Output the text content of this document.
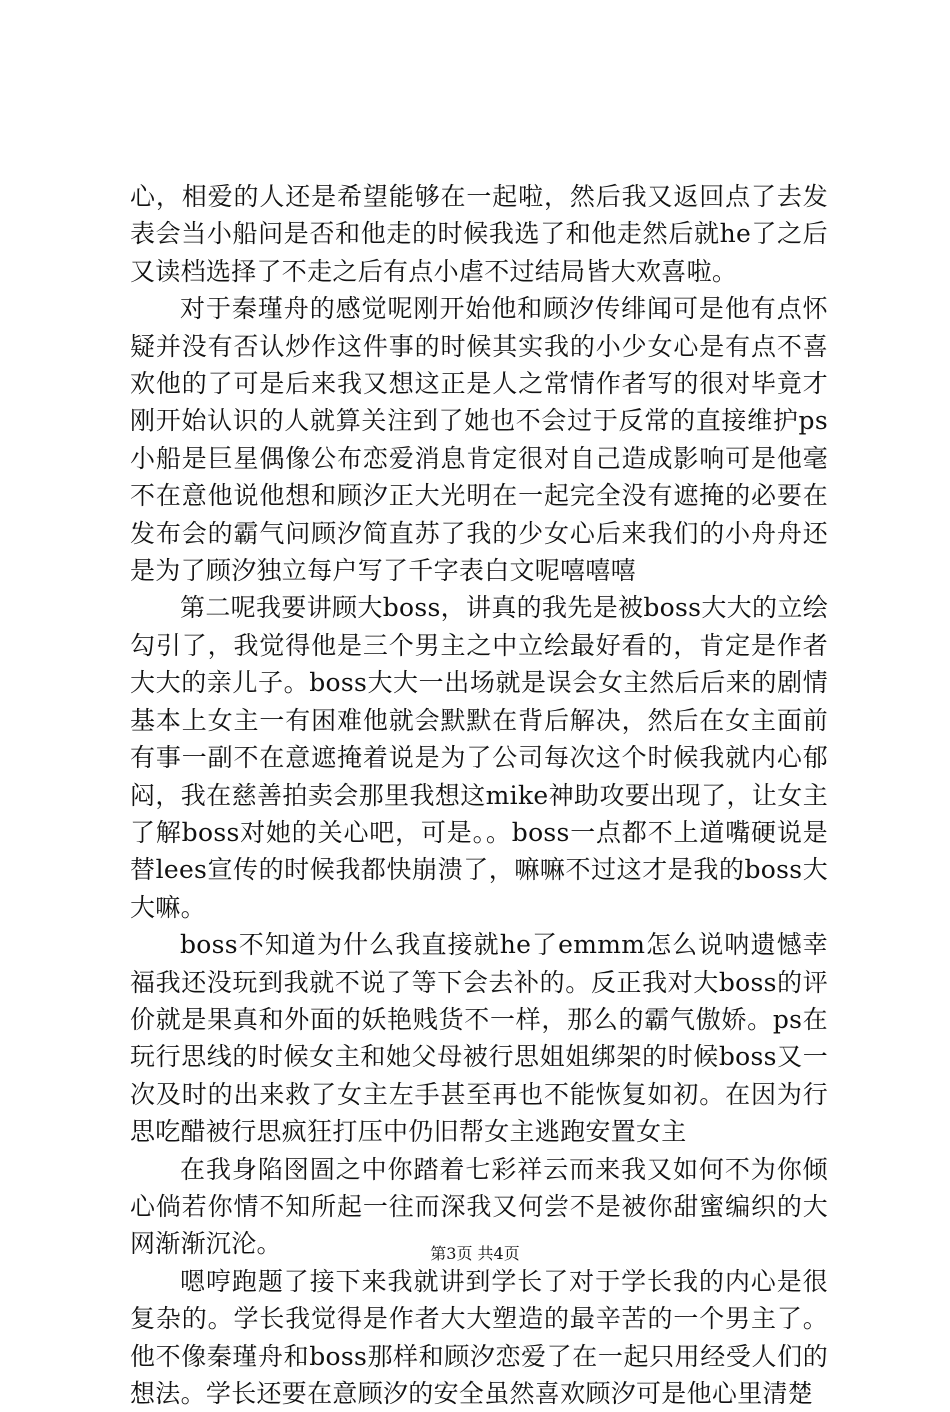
心，相爱的人还是希望能够在一起啦，然后我又返回点了去发表会当小船问是否和他走的时候我选了和他走然后就he了之后又读档选择了不走之后有点小虐不过结局皆大欢喜啦。

对于秦瑾舟的感觉呢刚开始他和顾汐传绯闻可是他有点怀疑并没有否认炒作这件事的时候其实我的小少女心是有点不喜欢他的了可是后来我又想这正是人之常情作者写的很对毕竟才刚开始认识的人就算关注到了她也不会过于反常的直接维护ps小船是巨星偶像公布恋爱消息肯定很对自己造成影响可是他毫不在意他说他想和顾汐正大光明在一起完全没有遮掩的必要在发布会的霸气问顾汐简直苏了我的少女心后来我们的小舟舟还是为了顾汐独立每户写了千字表白文呢嘻嘻嘻

第二呢我要讲顾大boss，讲真的我先是被boss大大的立绘勾引了，我觉得他是三个男主之中立绘最好看的，肯定是作者大大的亲儿子。boss大大一出场就是误会女主然后后来的剧情基本上女主一有困难他就会默默在背后解决，然后在女主面前有事一副不在意遮掩着说是为了公司每次这个时候我就内心郁闷，我在慈善拍卖会那里我想这mike神助攻要出现了，让女主了解boss对她的关心吧，可是。。boss一点都不上道嘴硬说是替lees宣传的时候我都快崩溃了，嘛嘛不过这才是我的boss大大嘛。

boss不知道为什么我直接就he了emmm怎么说呐遗憾幸福我还没玩到我就不说了等下会去补的。反正我对大boss的评价就是果真和外面的妖艳贱货不一样，那么的霸气傲娇。ps在玩行思线的时候女主和她父母被行思姐姐绑架的时候boss又一次及时的出来救了女主左手甚至再也不能恢复如初。在因为行思吃醋被行思疯狂打压中仍旧帮女主逃跑安置女主

在我身陷囹圄之中你踏着七彩祥云而来我又如何不为你倾心倘若你情不知所起一往而深我又何尝不是被你甜蜜编织的大网渐渐沉沦。

嗯哼跑题了接下来我就讲到学长了对于学长我的内心是很复杂的。学长我觉得是作者大大塑造的最辛苦的一个男主了。他不像秦瑾舟和boss那样和顾汐恋爱了在一起只用经受人们的想法。学长还要在意顾汐的安全虽然喜欢顾汐可是他心里清楚

第3页 共4页
